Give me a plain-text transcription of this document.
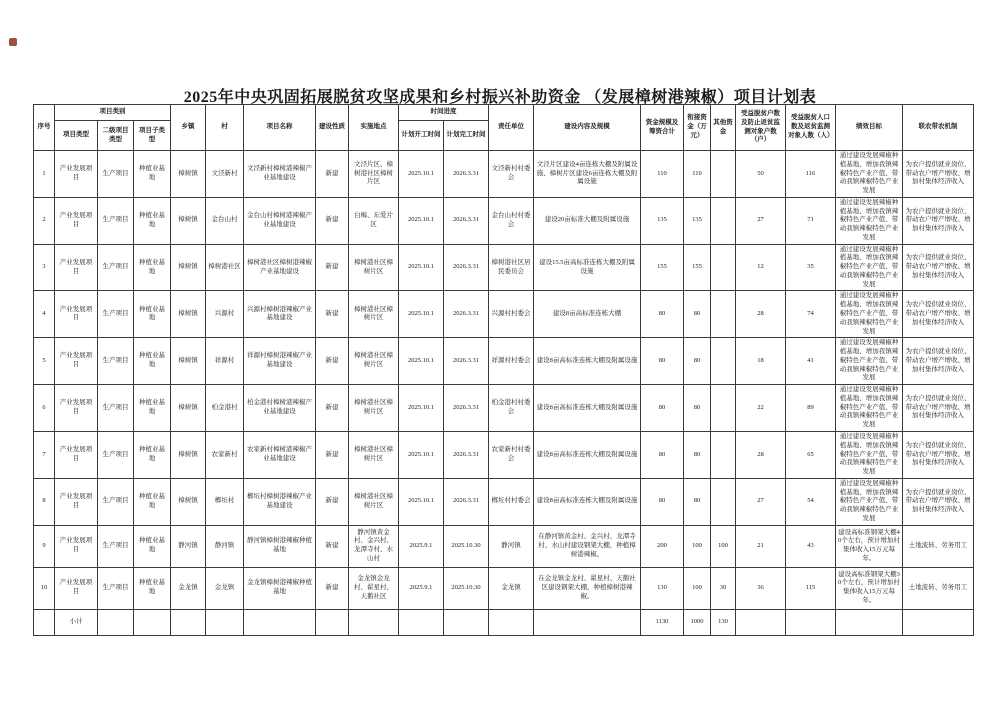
2025年中央巩固拓展脱贫攻坚成果和乡村振兴补助资金 （发展樟树港辣椒）项目计划表
序号	项目类别			乡镇	村	项目名称	建设性质	实施地点	时间进度		责任单位	建设内容及规模	资金规模及筹资合计	衔接资金（万元）	其他资金	受益脱贫户数及防止返贫监测对象户数（户）	受益脱贫人口数及返贫监测对象人数（人）	绩效目标	联农带农机制
	项目类型	二级项目类型	项目子类型						计划开工时间	计划完工时间									
1	产业发展项目	生产项目	种植业基地	樟树镇	文泾新村	文泾新村樟树港辣椒产业基地建设	新建	文泾片区、樟树港社区樟树片区	2025.10.1	2026.3.31	文泾新村村委会	文泾片区建设4亩连栋大棚及附属设施、樟树片区建设6亩连栋大棚及附属设施	110	110		50	116	通过建设发展辣椒种植基地、增加我镇辣椒特色产业产值、带动我镇辣椒特色产业发展	为农户提供就业岗位、带动农户增产增收、增加村集体经济收入
2	产业发展项目	生产项目	种植业基地	樟树镇	金台山村	金台山村樟树港辣椒产业基地建设	新建	白梅、东爱片区	2025.10.1	2026.3.31	金台山村村委会	建设20亩标准大棚及附属设施	135	135		27	71	通过建设发展辣椒种植基地、增加我镇辣椒特色产业产值、带动我镇辣椒特色产业发展	为农户提供就业岗位、带动农户增产增收、增加村集体经济收入
3	产业发展项目	生产项目	种植业基地	樟树镇	樟树港社区	樟树港社区樟树港辣椒产业基地建设	新建	樟树港社区樟树片区	2025.10.1	2026.3.31	樟树港社区居民委员会	建设15.5亩高标准连栋大棚及附属设施	155	155		12	35	通过建设发展辣椒种植基地、增加我镇辣椒特色产业产值、带动我镇辣椒特色产业发展	为农户提供就业岗位、带动农户增产增收、增加村集体经济收入
4	产业发展项目	生产项目	种植业基地	樟树镇	兴源村	兴源村樟树港辣椒产业基地建设	新建	樟树港社区樟树片区	2025.10.1	2026.3.31	兴源村村委会	建设8亩高标准连栋大棚	80	80		28	74	通过建设发展辣椒种植基地、增加我镇辣椒特色产业产值、带动我镇辣椒特色产业发展	为农户提供就业岗位、带动农户增产增收、增加村集体经济收入
5	产业发展项目	生产项目	种植业基地	樟树镇	祥源村	祥源村樟树港辣椒产业基地建设	新建	樟树港社区樟树片区	2025.10.1	2026.3.31	祥源村村委会	建设8亩高标准连栋大棚及附属设施	80	80		18	41	通过建设发展辣椒种植基地、增加我镇辣椒特色产业产值、带动我镇辣椒特色产业发展	为农户提供就业岗位、带动农户增产增收、增加村集体经济收入
6	产业发展项目	生产项目	种植业基地	樟树镇	柏金港村	柏金港村樟树港辣椒产业基地建设	新建	樟树港社区樟树片区	2025.10.1	2026.3.31	柏金港村村委会	建设8亩高标准连栋大棚及附属设施	80	80		22	89	通过建设发展辣椒种植基地、增加我镇辣椒特色产业产值、带动我镇辣椒特色产业发展	为农户提供就业岗位、带动农户增产增收、增加村集体经济收入
7	产业发展项目	生产项目	种植业基地	樟树镇	农家新村	农家新村樟树港辣椒产业基地建设	新建	樟树港社区樟树片区	2025.10.1	2026.3.31	农家新村村委会	建设8亩高标准连栋大棚及附属设施	80	80		28	65	通过建设发展辣椒种植基地、增加我镇辣椒特色产业产值、带动我镇辣椒特色产业发展	为农户提供就业岗位、带动农户增产增收、增加村集体经济收入
8	产业发展项目	生产项目	种植业基地	樟树镇	榔坵村	榔坵村樟树港辣椒产业基地建设	新建	樟树港社区樟树片区	2025.10.1	2026.3.31	榔坵村村委会	建设8亩高标准连栋大棚及附属设施	80	80		27	54	通过建设发展辣椒种植基地、增加我镇辣椒特色产业产值、带动我镇辣椒特色产业发展	为农户提供就业岗位、带动农户增产增收、增加村集体经济收入
9	产业发展项目	生产项目	种植业基地	静河镇	静河镇	静河镇樟树港辣椒种植基地	新建	静河镇黄金村、金兴村、龙潭寺村、水山村	2025.9.1	2025.10.30	静河镇	在静河镇黄金村、金兴村、龙潭寺村、水山村建设钢架大棚，种植樟树港辣椒。	200	100	100	21	43	建设高标准钢架大棚40个左右，预计增加村集体收入15万元每年。	土地流转、劳务用工
10	产业发展项目	生产项目	种植业基地	金龙镇	金龙镇	金龙镇樟树港辣椒种植基地	新建	金龙镇金龙村、翟星村、天鹅社区	2025.9.1	2025.10.30	金龙镇	在金龙镇金龙村、翟星村、天鹅社区建设钢架大棚，种植樟树港辣椒。	130	100	30	36	115	建设高标准钢架大棚30个左右，预计增加村集体收入15万元每年。	土地流转、劳务用工
	小计												1130	1000	130				
